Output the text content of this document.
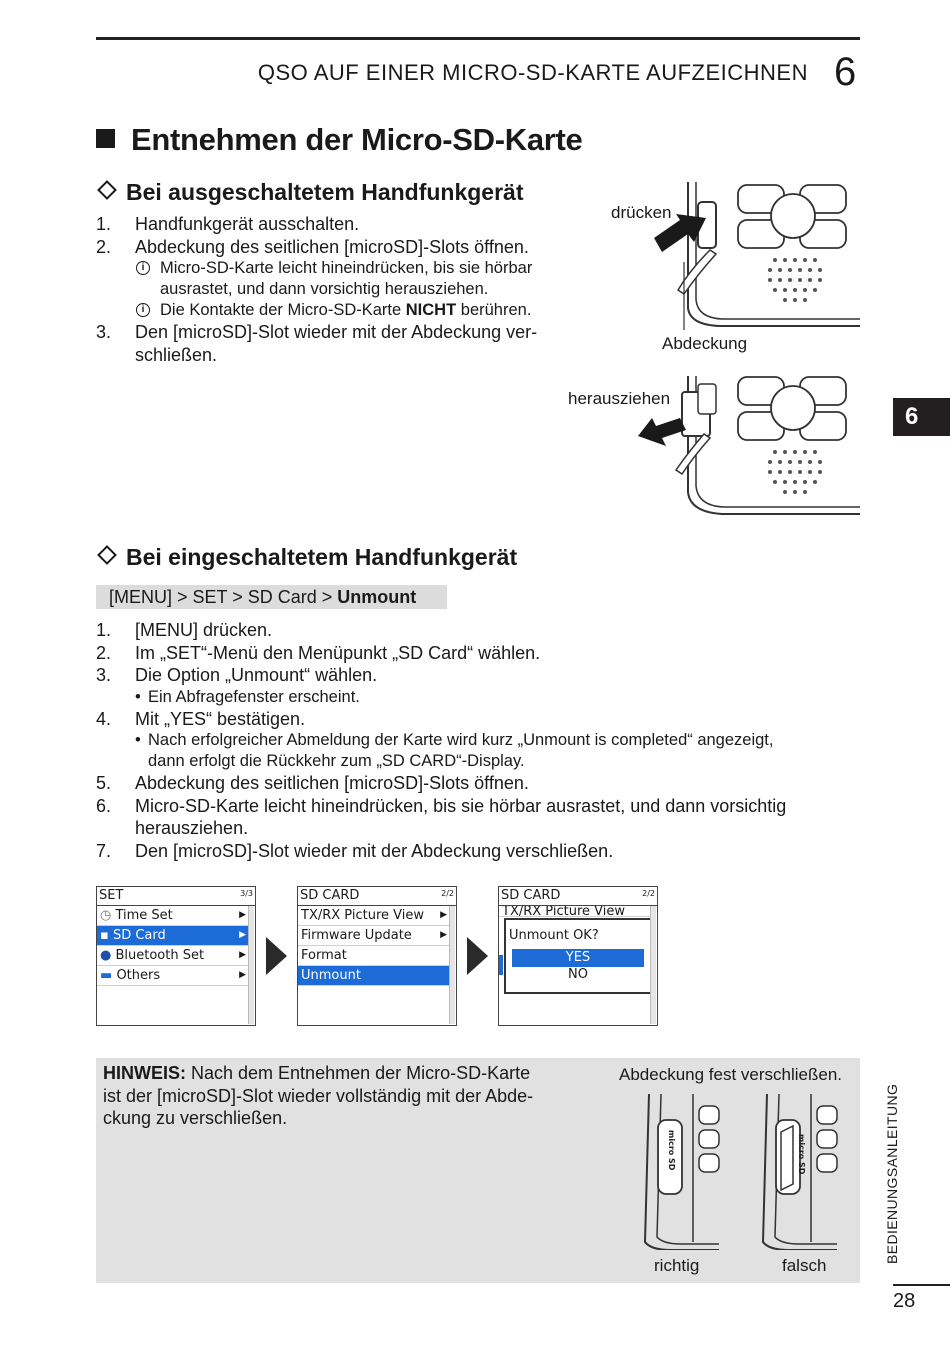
QSO AUF EINER MICRO-SD-KARTE AUFZEICHNEN 6
Entnehmen der Micro-SD-Karte
Bei ausgeschaltetem Handfunkgerät
1. Handfunkgerät ausschalten.
2. Abdeckung des seitlichen [microSD]-Slots öffnen.
i Micro-SD-Karte leicht hineindrücken, bis sie hörbar
ausrastet, und dann vorsichtig herausziehen.
i Die Kontakte der Micro-SD-Karte NICHT berühren.
3. Den [microSD]-Slot wieder mit der Abdeckung ver-
schließen.
drücken
Abdeckung
herausziehen
6
Bei eingeschaltetem Handfunkgerät
[MENU] > SET > SD Card > Unmount
1. [MENU] drücken.
2. Im „SET“-Menü den Menüpunkt „SD Card“ wählen.
3. Die Option „Unmount“ wählen.
• Ein Abfragefenster erscheint.
4. Mit „YES“ bestätigen.
• Nach erfolgreicher Abmeldung der Karte wird kurz „Unmount is completed“ angezeigt,
dann erfolgt die Rückkehr zum „SD CARD“-Display.
5. Abdeckung des seitlichen [microSD]-Slots öffnen.
6. Micro-SD-Karte leicht hineindrücken, bis sie hörbar ausrastet, und dann vorsichtig
herausziehen.
7. Den [microSD]-Slot wieder mit der Abdeckung verschließen.
SET	3/3
◷ Time Set	▶
▪ SD Card	▶
● Bluetooth Set	▶
▬ Others	▶
SD CARD	2/2
TX/RX Picture View ▶
Firmware Update	▶
Format
Unmount
SD CARD	2/2
TX/RX Picture View
Unmount OK?
YES
NO
HINWEIS: Nach dem Entnehmen der Micro-SD-Karte
ist der [microSD]-Slot wieder vollständig mit der Abde-
ckung zu verschließen.
Abdeckung fest verschließen.
micro SD	micro SD
richtig	falsch
BEDIENUNGSANLEITUNG
28
